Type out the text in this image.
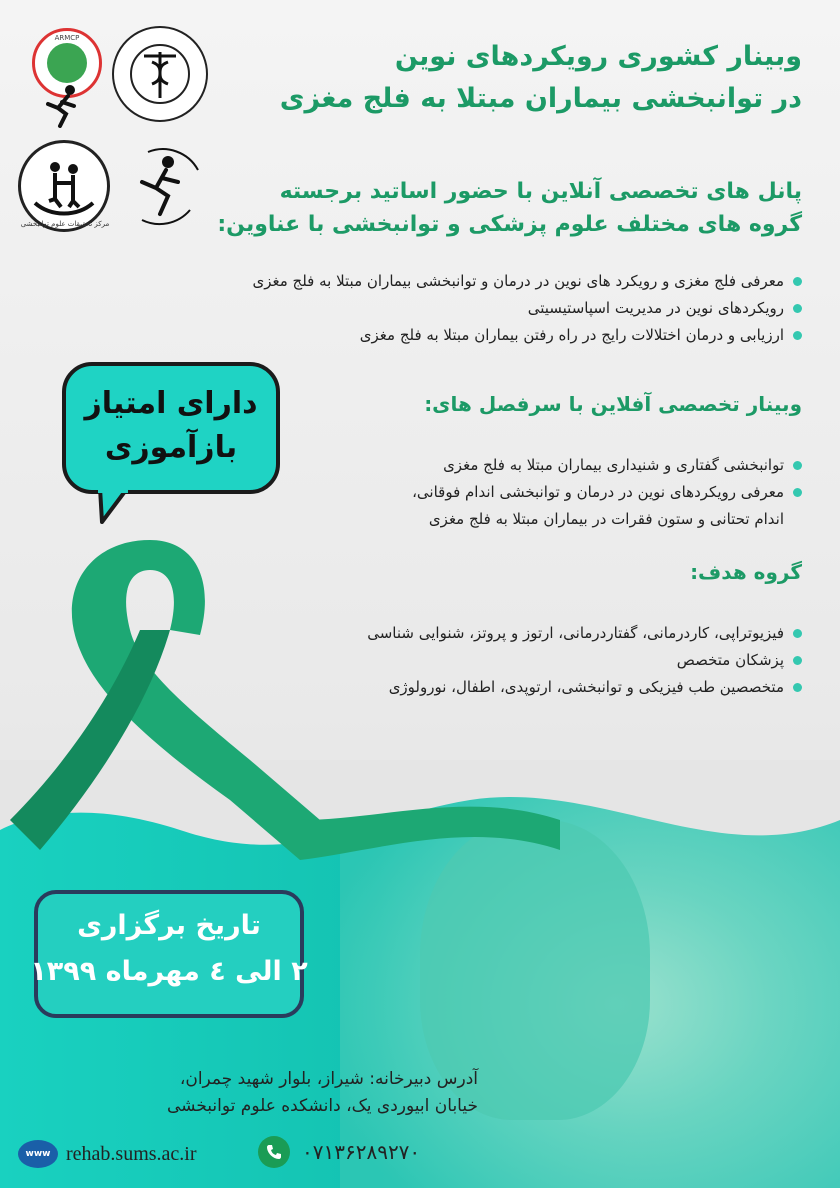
ARMCP
مرکز تحقیقات علوم توانبخشی
وبینار کشوری رویکردهای نوین
در توانبخشی بیماران مبتلا به فلج مغزی
پانل های تخصصی آنلاین با حضور اساتید برجسته
گروه های مختلف علوم پزشکی و توانبخشی با عناوین:
معرفی فلج مغزی و رویکرد های نوین در درمان و توانبخشی بیماران مبتلا به فلج مغزی
رویکردهای نوین در مدیریت اسپاستیسیتی
ارزیابی و درمان اختلالات رایج در راه رفتن بیماران مبتلا به فلج مغزی
دارای امتیاز
بازآموزی
وبینار تخصصی آفلاین با سرفصل های:
توانبخشی گفتاری و شنیداری بیماران مبتلا به فلج مغزی
معرفی رویکردهای نوین در درمان و توانبخشی اندام فوقانی،
اندام تحتانی و ستون فقرات در بیماران مبتلا به فلج مغزی
گروه هدف:
فیزیوتراپی، کاردرمانی، گفتاردرمانی، ارتوز و پروتز، شنوایی شناسی
پزشکان متخصص
متخصصین طب فیزیکی و توانبخشی، ارتوپدی، اطفال، نورولوژی
تاریخ برگزاری
۲ الی ٤ مهرماه ۱۳۹۹
آدرس دبیرخانه: شیراز، بلوار شهید چمران،
خیابان ابیوردی یک، دانشکده علوم توانبخشی
www rehab.sums.ac.ir	۰۷۱۳۶۲۸۹۲۷۰
